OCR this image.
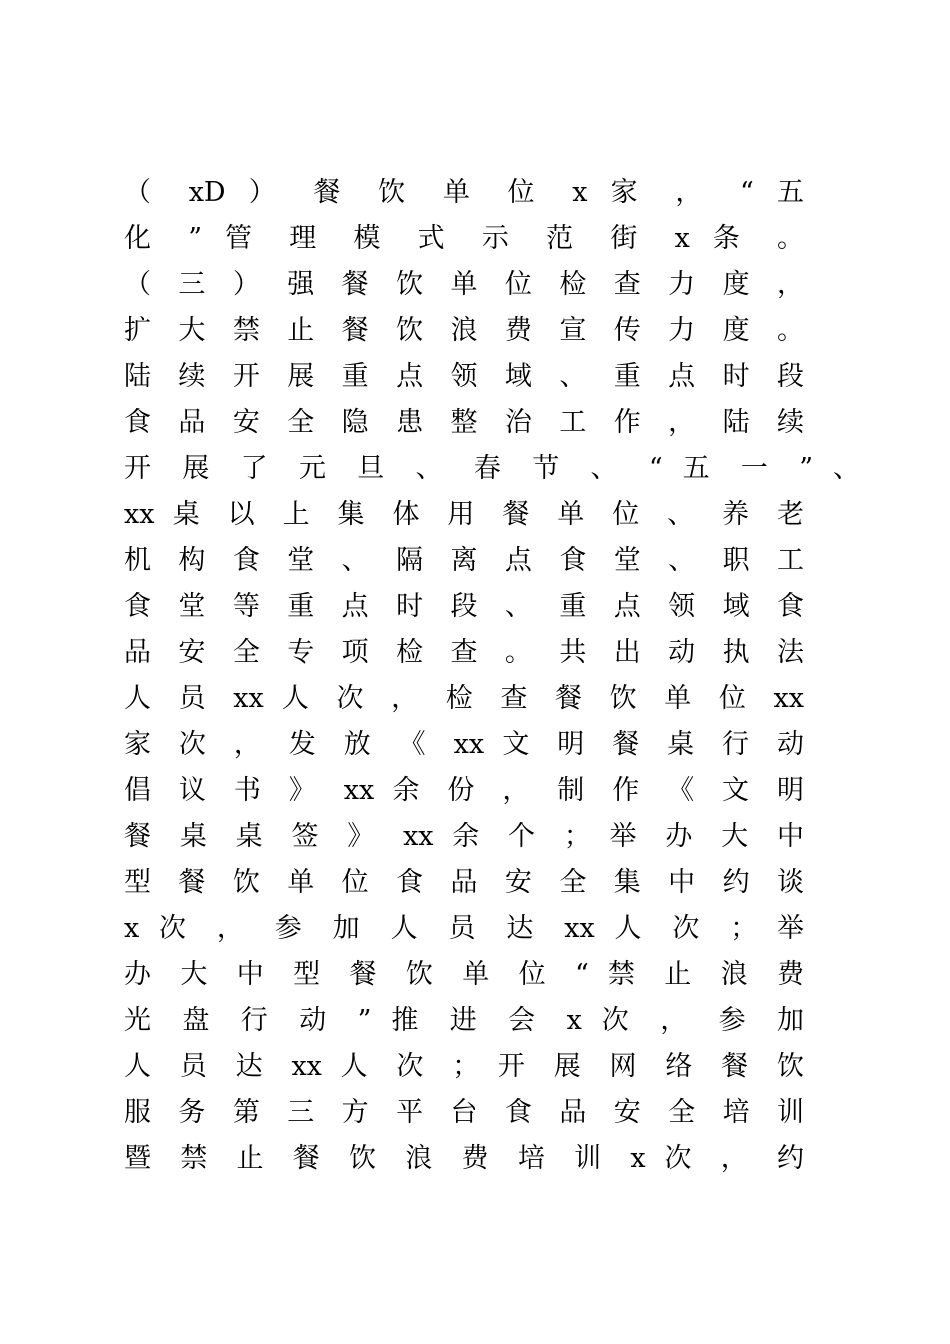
（ xD ） 餐 饮 单 位 x 家 ， “ 五
化 ” 管 理 模 式 示 范 街 x 条 。
（ 三 ） 强 餐 饮 单 位 检 查 力 度 ，
扩 大 禁 止 餐 饮 浪 费 宣 传 力 度 。
陆 续 开 展 重 点 领 域 、 重 点 时 段
食 品 安 全 隐 患 整 治 工 作 ， 陆 续
开 展 了 元 旦 、 春 节 、 “ 五 一 ” 、
xx 桌 以 上 集 体 用 餐 单 位 、 养 老
机 构 食 堂 、 隔 离 点 食 堂 、 职 工
食 堂 等 重 点 时 段 、 重 点 领 域 食
品 安 全 专 项 检 查 。 共 出 动 执 法
人 员 xx 人 次 ， 检 查 餐 饮 单 位 xx
家 次 ， 发 放 《 xx 文 明 餐 桌 行 动
倡 议 书 》 xx 余 份 ， 制 作 《 文 明
餐 桌 桌 签 》 xx 余 个 ； 举 办 大 中
型 餐 饮 单 位 食 品 安 全 集 中 约 谈
x 次 ， 参 加 人 员 达 xx 人 次 ； 举
办 大 中 型 餐 饮 单 位 “ 禁 止 浪 费
光 盘 行 动 ” 推 进 会 x 次 ， 参 加
人 员 达 xx 人 次 ； 开 展 网 络 餐 饮
服 务 第 三 方 平 台 食 品 安 全 培 训
暨 禁 止 餐 饮 浪 费 培 训 x 次 ， 约
